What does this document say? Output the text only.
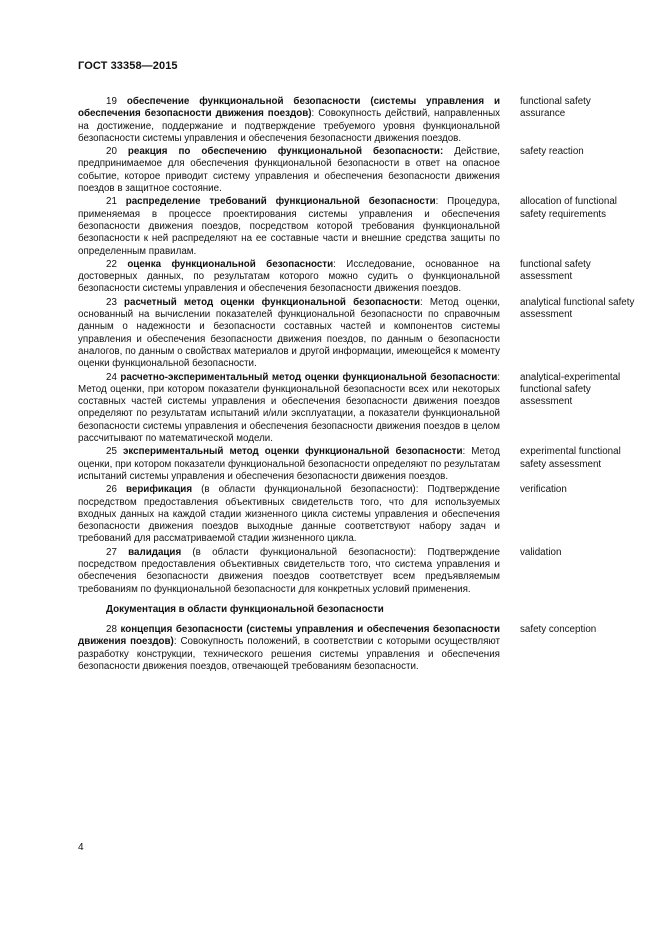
ГОСТ 33358—2015

19 обеспечение функциональной безопасности (системы управления и обеспечения безопасности движения поездов): Совокупность действий, направленных на достижение, поддержание и подтверждение требуемого уровня функциональной безопасности системы управления и обеспечения безопасности движения поездов.

functional safety assurance

20 реакция по обеспечению функциональной безопасности: Действие, предпринимаемое для обеспечения функциональной безопасности в ответ на опасное событие, которое приводит систему управления и обеспечения безопасности движения поездов в защитное состояние.

safety reaction

21 распределение требований функциональной безопасности: Процедура, применяемая в процессе проектирования системы управления и обеспечения безопасности движения поездов, посредством которой требования функциональной безопасности к ней распределяют на ее составные части и внешние средства защиты по определенным правилам.

allocation of functional safety requirements

22 оценка функциональной безопасности: Исследование, основанное на достоверных данных, по результатам которого можно судить о функциональной безопасности системы управления и обеспечения безопасности движения поездов.

functional safety assessment

23 расчетный метод оценки функциональной безопасности: Метод оценки, основанный на вычислении показателей функциональной безопасности по справочным данным о надежности и безопасности составных частей и компонентов системы управления и обеспечения безопасности движения поездов, по данным о безопасности аналогов, по данным о свойствах материалов и другой информации, имеющейся к моменту оценки функциональной безопасности.

analytical functional safety assessment

24 расчетно-экспериментальный метод оценки функциональной безопасности: Метод оценки, при котором показатели функциональной безопасности всех или некоторых составных частей системы управления и обеспечения безопасности движения поездов определяют по результатам испытаний и/или эксплуатации, а показатели функциональной безопасности системы управления и обеспечения безопасности движения поездов в целом рассчитывают по математической модели.

analytical-experimental functional safety assessment

25 экспериментальный метод оценки функциональной безопасности: Метод оценки, при котором показатели функциональной безопасности определяют по результатам испытаний системы управления и обеспечения безопасности движения поездов.

experimental functional safety assessment

26 верификация (в области функциональной безопасности): Подтверждение посредством предоставления объективных свидетельств того, что для используемых входных данных на каждой стадии жизненного цикла системы управления и обеспечения безопасности движения поездов выходные данные соответствуют набору задач и требований для рассматриваемой стадии жизненного цикла.

verification

27 валидация (в области функциональной безопасности): Подтверждение посредством предоставления объективных свидетельств того, что система управления и обеспечения безопасности движения поездов соответствует всем предъявляемым требованиям по функциональной безопасности для конкретных условий применения.

validation
Документация в области функциональной безопасности

28 концепция безопасности (системы управления и обеспечения безопасности движения поездов): Совокупность положений, в соответствии с которыми осуществляют разработку конструкции, технического решения системы управления и обеспечения безопасности движения поездов, отвечающей требованиям безопасности.

safety conception
4
